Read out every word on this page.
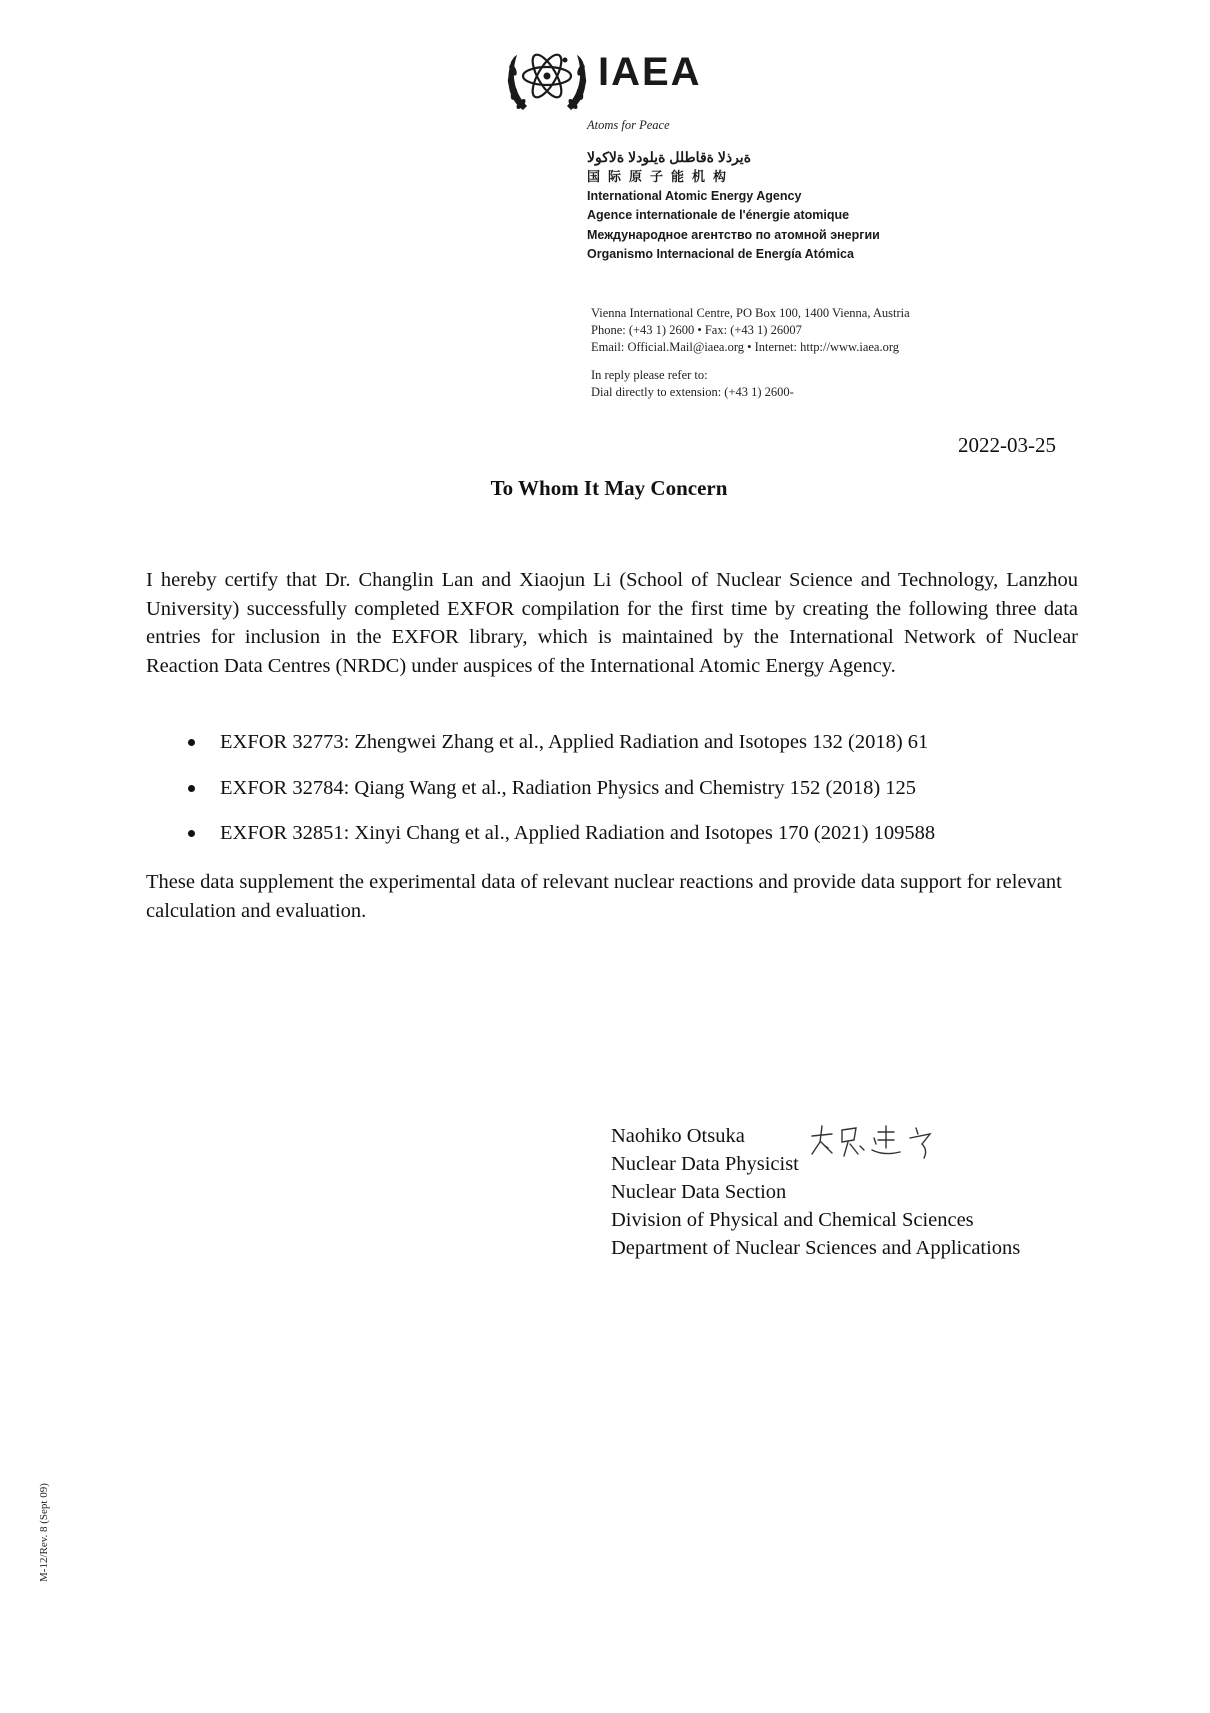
IAEA
Atoms for Peace
الوكالة الدولية للطاقة الذرية
国际原子能机构
International Atomic Energy Agency
Agence internationale de l'énergie atomique
Международное агентство по атомной энергии
Organismo Internacional de Energía Atómica
Vienna International Centre, PO Box 100, 1400 Vienna, Austria
Phone: (+43 1) 2600 • Fax: (+43 1) 26007
Email: Official.Mail@iaea.org • Internet: http://www.iaea.org
In reply please refer to:
Dial directly to extension: (+43 1) 2600-
2022-03-25
To Whom It May Concern

I hereby certify that Dr. Changlin Lan and Xiaojun Li (School of Nuclear Science and Technology, Lanzhou University) successfully completed EXFOR compilation for the first time by creating the following three data entries for inclusion in the EXFOR library, which is maintained by the International Network of Nuclear Reaction Data Centres (NRDC) under auspices of the International Atomic Energy Agency.

EXFOR 32773: Zhengwei Zhang et al., Applied Radiation and Isotopes 132 (2018) 61
EXFOR 32784: Qiang Wang et al., Radiation Physics and Chemistry 152 (2018) 125
EXFOR 32851: Xinyi Chang et al., Applied Radiation and Isotopes 170 (2021) 109588

These data supplement the experimental data of relevant nuclear reactions and provide data support for relevant calculation and evaluation.

Naohiko Otsuka
Nuclear Data Physicist
Nuclear Data Section
Division of Physical and Chemical Sciences
Department of Nuclear Sciences and Applications
M-12/Rev. 8 (Sept 09)
